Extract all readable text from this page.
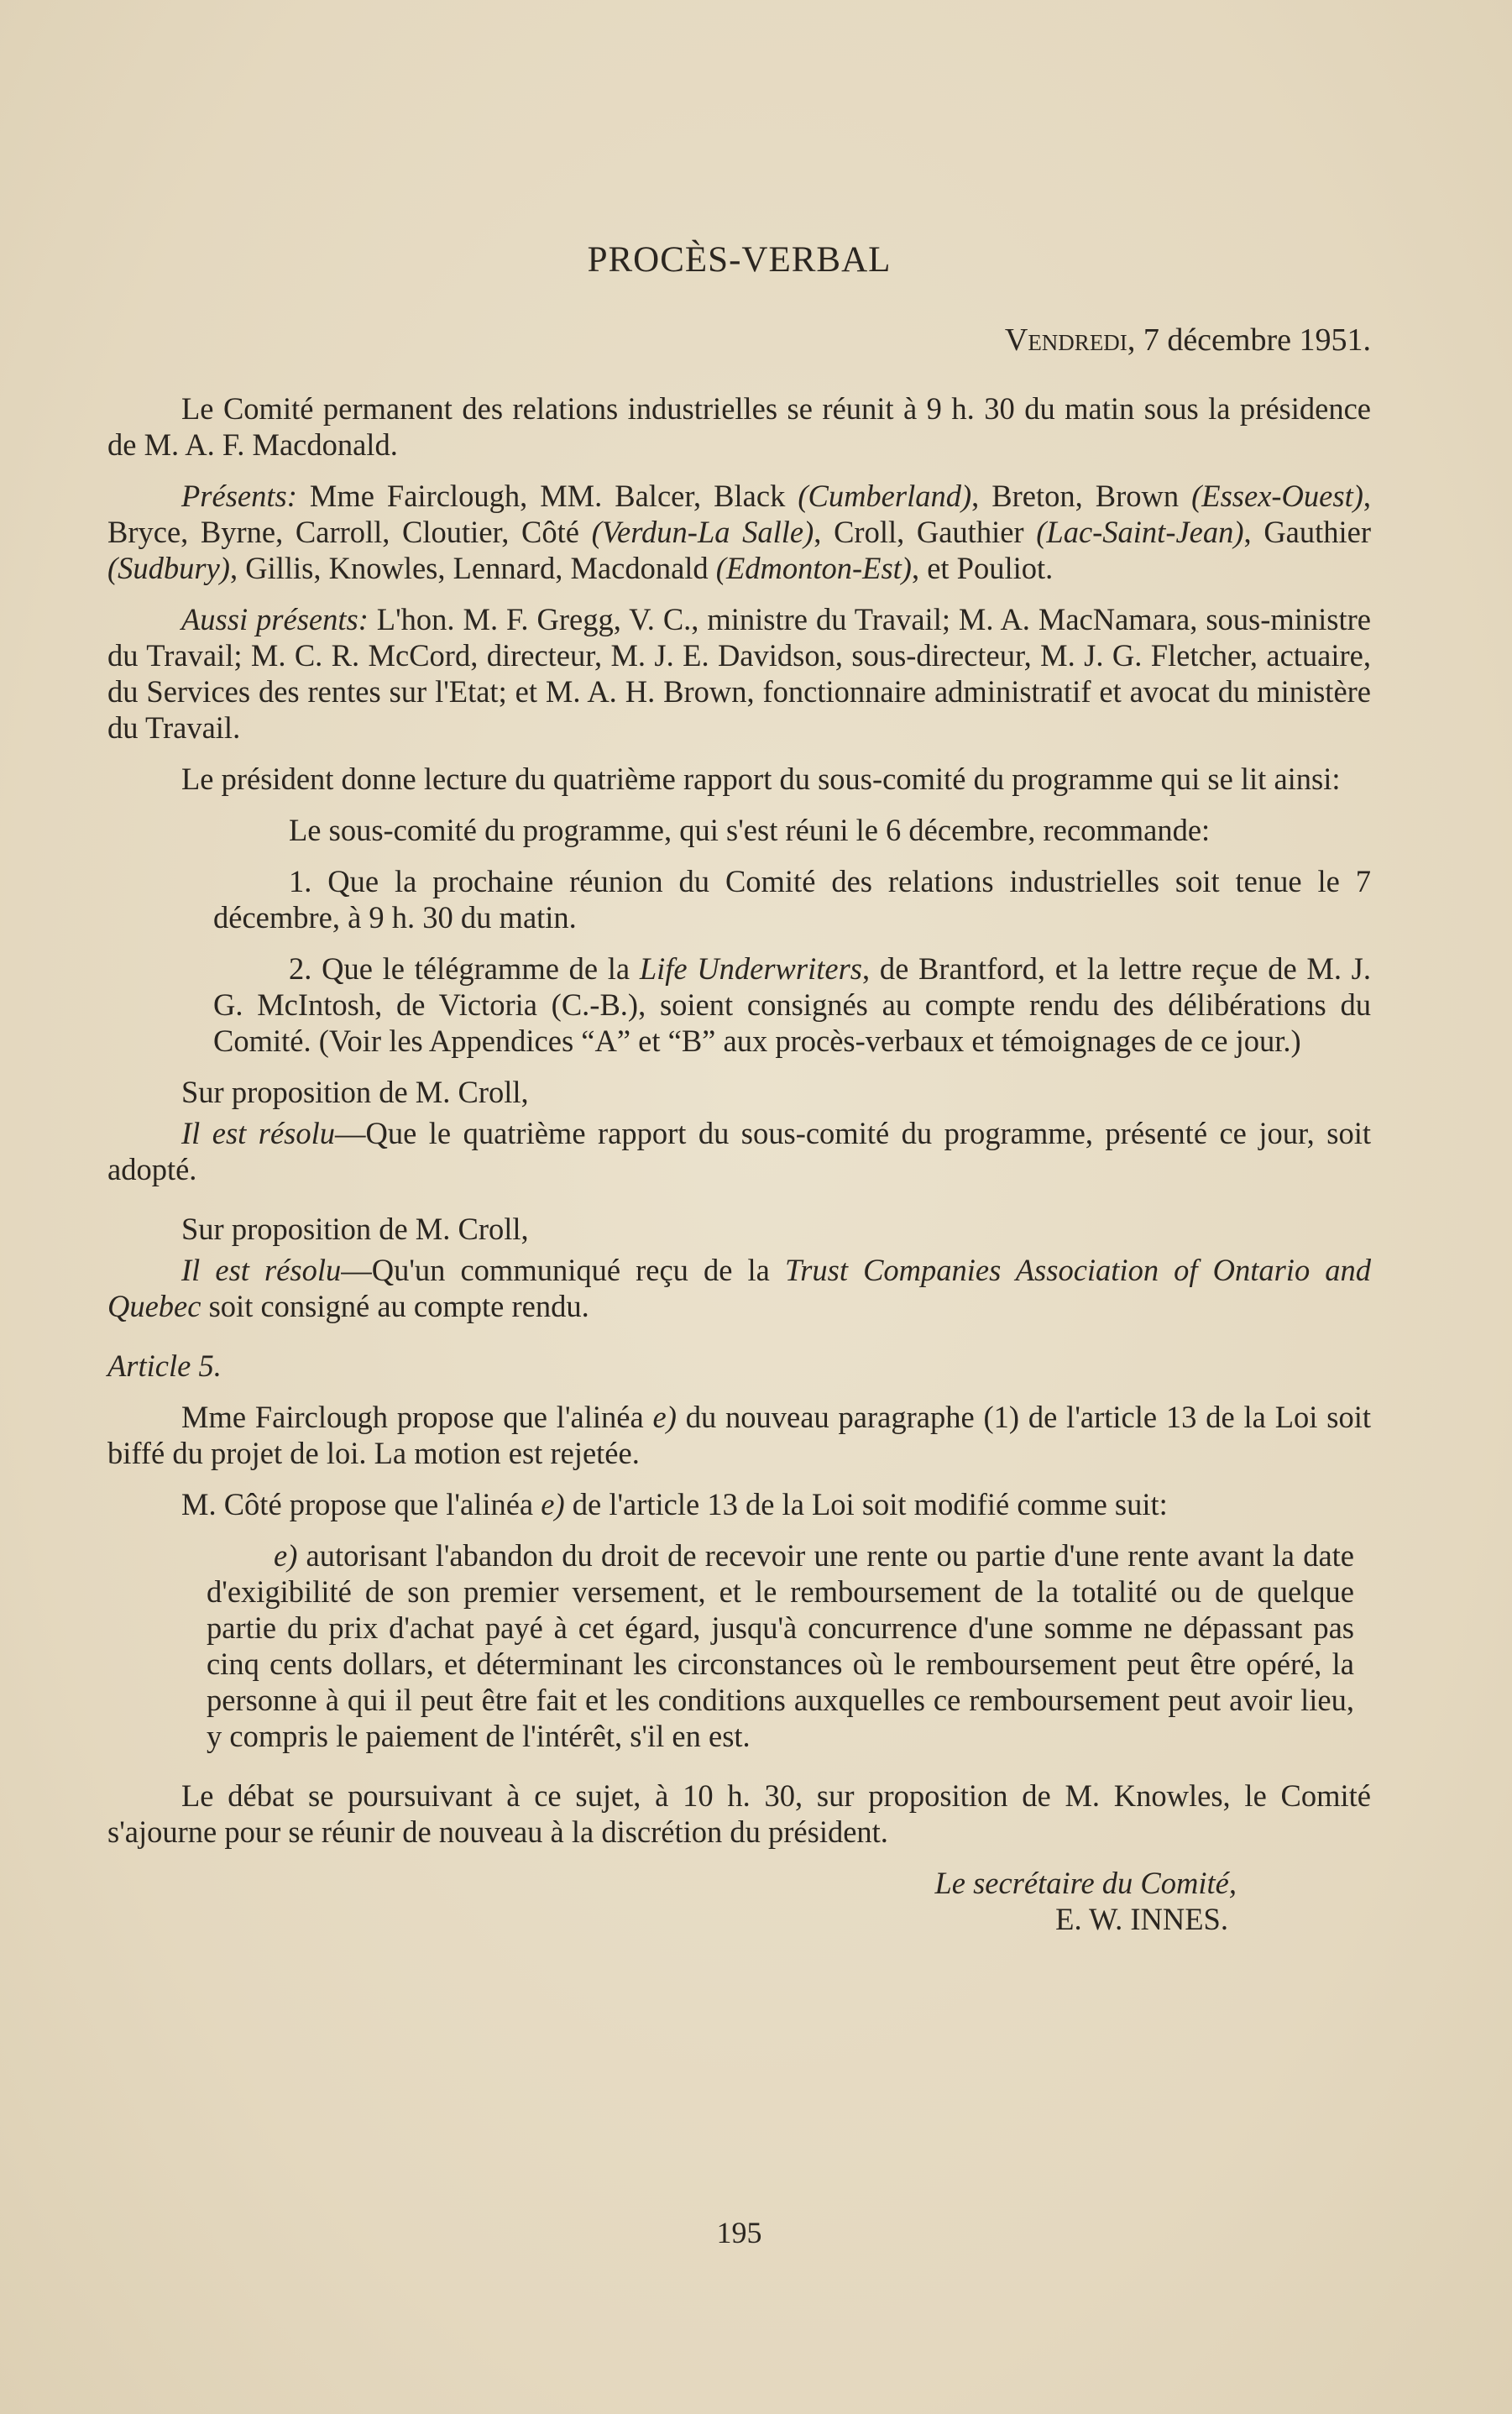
PROCÈS-VERBAL
Vendredi, 7 décembre 1951.

Le Comité permanent des relations industrielles se réunit à 9 h. 30 du matin sous la présidence de M. A. F. Macdonald.

Présents: Mme Fairclough, MM. Balcer, Black (Cumberland), Breton, Brown (Essex-Ouest), Bryce, Byrne, Carroll, Cloutier, Côté (Verdun-La Salle), Croll, Gauthier (Lac-Saint-Jean), Gauthier (Sudbury), Gillis, Knowles, Lennard, Macdonald (Edmonton-Est), et Pouliot.

Aussi présents: L'hon. M. F. Gregg, V. C., ministre du Travail; M. A. MacNamara, sous-ministre du Travail; M. C. R. McCord, directeur, M. J. E. Davidson, sous-directeur, M. J. G. Fletcher, actuaire, du Services des rentes sur l'Etat; et M. A. H. Brown, fonctionnaire administratif et avocat du ministère du Travail.

Le président donne lecture du quatrième rapport du sous-comité du programme qui se lit ainsi:

Le sous-comité du programme, qui s'est réuni le 6 décembre, recommande:

1. Que la prochaine réunion du Comité des relations industrielles soit tenue le 7 décembre, à 9 h. 30 du matin.

2. Que le télégramme de la Life Underwriters, de Brantford, et la lettre reçue de M. J. G. McIntosh, de Victoria (C.-B.), soient consignés au compte rendu des délibérations du Comité. (Voir les Appendices “A” et “B” aux procès-verbaux et témoignages de ce jour.)

Sur proposition de M. Croll,

Il est résolu—Que le quatrième rapport du sous-comité du programme, présenté ce jour, soit adopté.

Sur proposition de M. Croll,

Il est résolu—Qu'un communiqué reçu de la Trust Companies Association of Ontario and Quebec soit consigné au compte rendu.

Article 5.

Mme Fairclough propose que l'alinéa e) du nouveau paragraphe (1) de l'article 13 de la Loi soit biffé du projet de loi. La motion est rejetée.

M. Côté propose que l'alinéa e) de l'article 13 de la Loi soit modifié comme suit:

e) autorisant l'abandon du droit de recevoir une rente ou partie d'une rente avant la date d'exigibilité de son premier versement, et le remboursement de la totalité ou de quelque partie du prix d'achat payé à cet égard, jusqu'à concurrence d'une somme ne dépassant pas cinq cents dollars, et déterminant les circonstances où le remboursement peut être opéré, la personne à qui il peut être fait et les conditions auxquelles ce remboursement peut avoir lieu, y compris le paiement de l'intérêt, s'il en est.

Le débat se poursuivant à ce sujet, à 10 h. 30, sur proposition de M. Knowles, le Comité s'ajourne pour se réunir de nouveau à la discrétion du président.

Le secrétaire du Comité,
E. W. INNES.
195
